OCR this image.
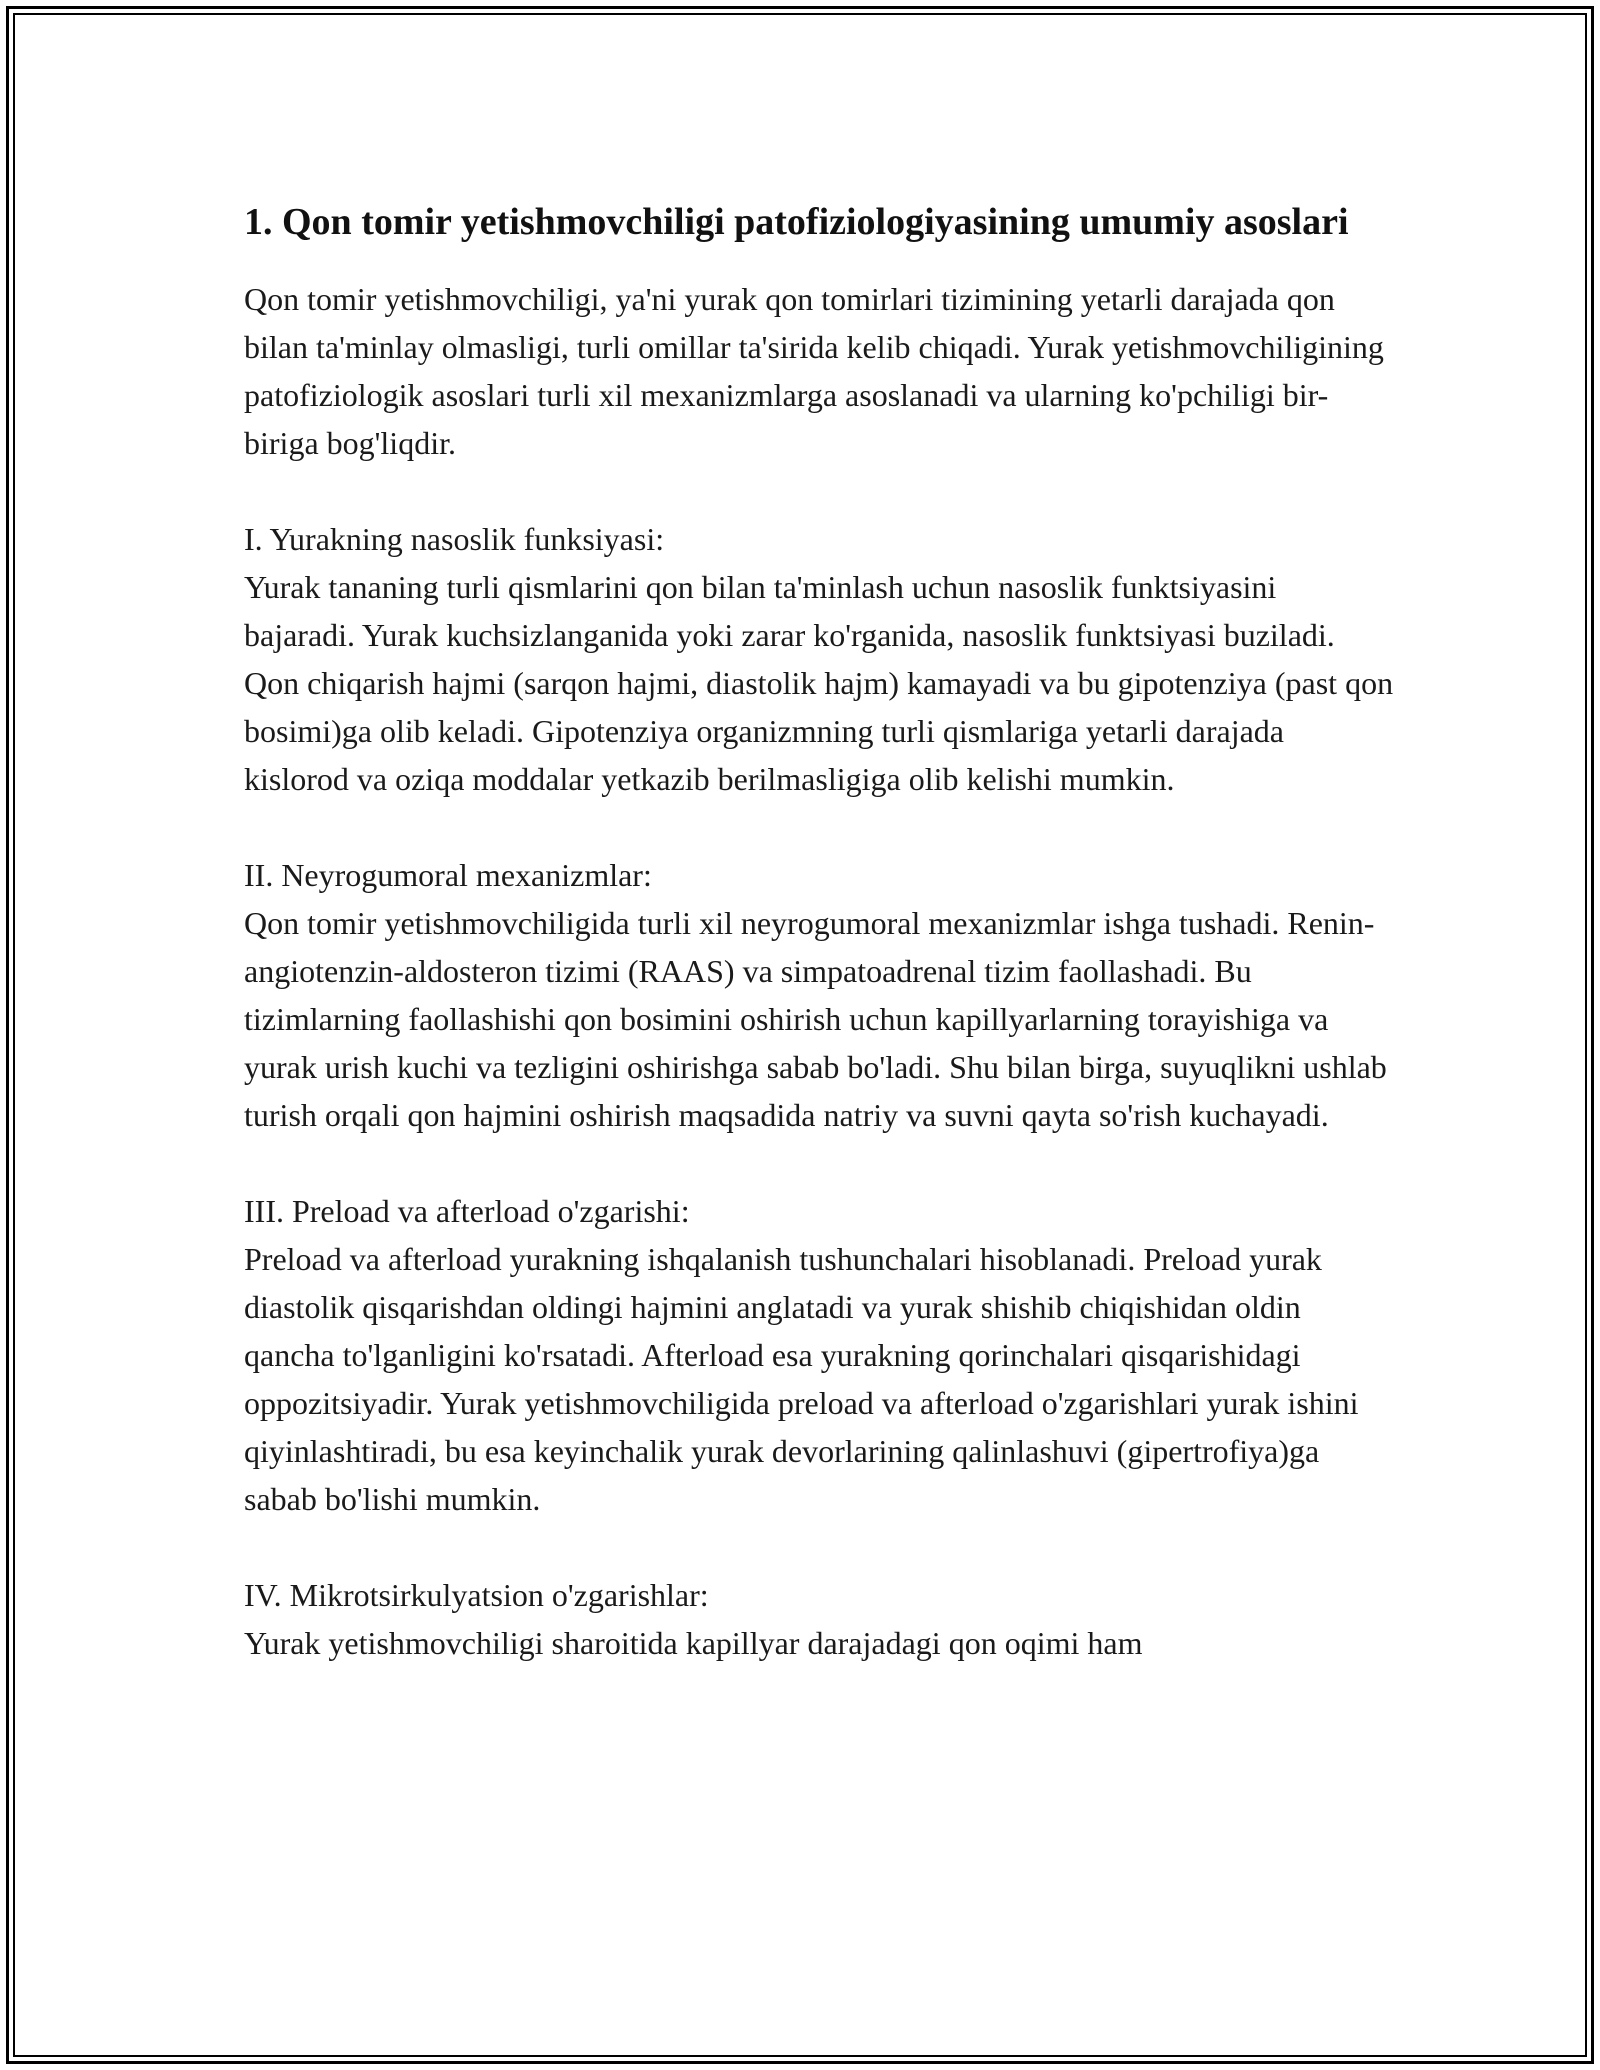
1. Qon tomir yetishmovchiligi patofiziologiyasining umumiy asoslari

Qon tomir yetishmovchiligi, ya'ni yurak qon tomirlari tizimining yetarli darajada qon bilan ta'minlay olmasligi, turli omillar ta'sirida kelib chiqadi. Yurak yetishmovchiligining patofiziologik asoslari turli xil mexanizmlarga asoslanadi va ularning ko'pchiligi bir-biriga bog'liqdir.

I. Yurakning nasoslik funksiyasi:

Yurak tananing turli qismlarini qon bilan ta'minlash uchun nasoslik funktsiyasini bajaradi. Yurak kuchsizlanganida yoki zarar ko'rganida, nasoslik funktsiyasi buziladi. Qon chiqarish hajmi (sarqon hajmi, diastolik hajm) kamayadi va bu gipotenziya (past qon bosimi)ga olib keladi. Gipotenziya organizmning turli qismlariga yetarli darajada kislorod va oziqa moddalar yetkazib berilmasligiga olib kelishi mumkin.

II. Neyrogumoral mexanizmlar:

Qon tomir yetishmovchiligida turli xil neyrogumoral mexanizmlar ishga tushadi. Renin-angiotenzin-aldosteron tizimi (RAAS) va simpatoadrenal tizim faollashadi. Bu tizimlarning faollashishi qon bosimini oshirish uchun kapillyarlarning torayishiga va yurak urish kuchi va tezligini oshirishga sabab bo'ladi. Shu bilan birga, suyuqlikni ushlab turish orqali qon hajmini oshirish maqsadida natriy va suvni qayta so'rish kuchayadi.

III. Preload va afterload o'zgarishi:

Preload va afterload yurakning ishqalanish tushunchalari hisoblanadi. Preload yurak diastolik qisqarishdan oldingi hajmini anglatadi va yurak shishib chiqishidan oldin qancha to'lganligini ko'rsatadi. Afterload esa yurakning qorinchalari qisqarishidagi oppozitsiyadir. Yurak yetishmovchiligida preload va afterload o'zgarishlari yurak ishini qiyinlashtiradi, bu esa keyinchalik yurak devorlarining qalinlashuvi (gipertrofiya)ga sabab bo'lishi mumkin.

IV. Mikrotsirkulyatsion o'zgarishlar:

Yurak yetishmovchiligi sharoitida kapillyar darajadagi qon oqimi ham
